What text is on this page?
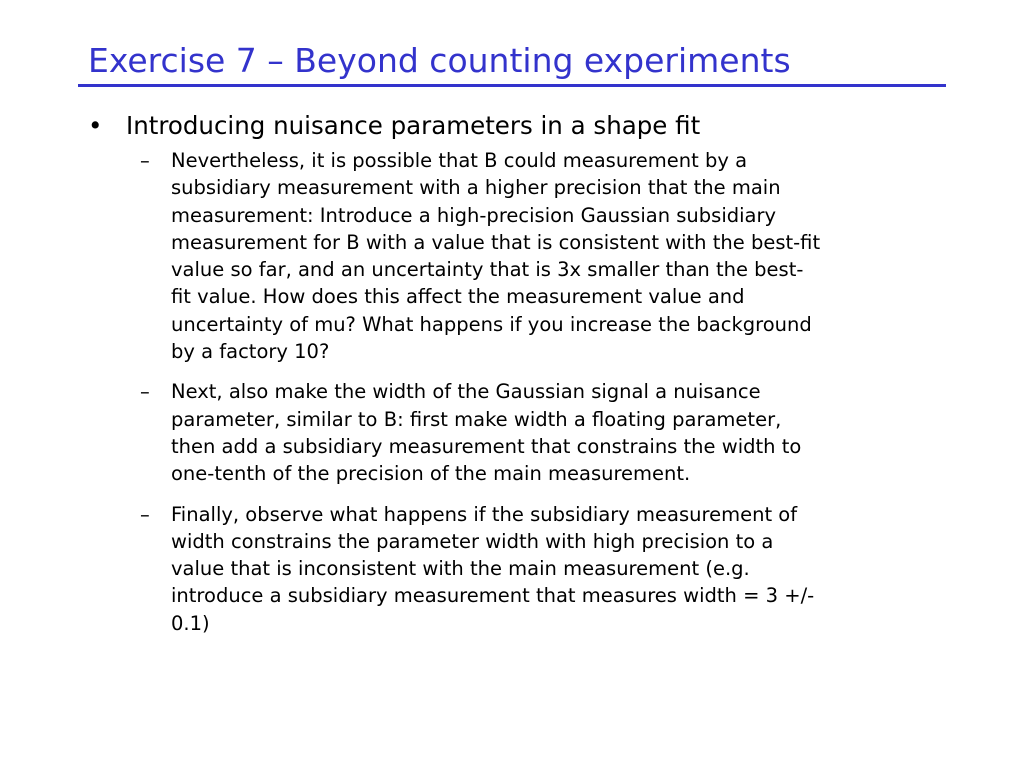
Exercise 7 – Beyond counting experiments
• Introducing nuisance parameters in a shape fit
–	Nevertheless, it is possible that B could measurement by a
subsidiary measurement with a higher precision that the main
measurement: Introduce a high-precision Gaussian subsidiary
measurement for B with a value that is consistent with the best-fit
value so far, and an uncertainty that is 3x smaller than the best-
fit value. How does this affect the measurement value and
uncertainty of mu? What happens if you increase the background
by a factory 10?
–	Next, also make the width of the Gaussian signal a nuisance
parameter, similar to B: first make width a floating parameter,
then add a subsidiary measurement that constrains the width to
one-tenth of the precision of the main measurement.
–	Finally, observe what happens if the subsidiary measurement of
width constrains the parameter width with high precision to a
value that is inconsistent with the main measurement (e.g.
introduce a subsidiary measurement that measures width = 3 +/-
0.1)
